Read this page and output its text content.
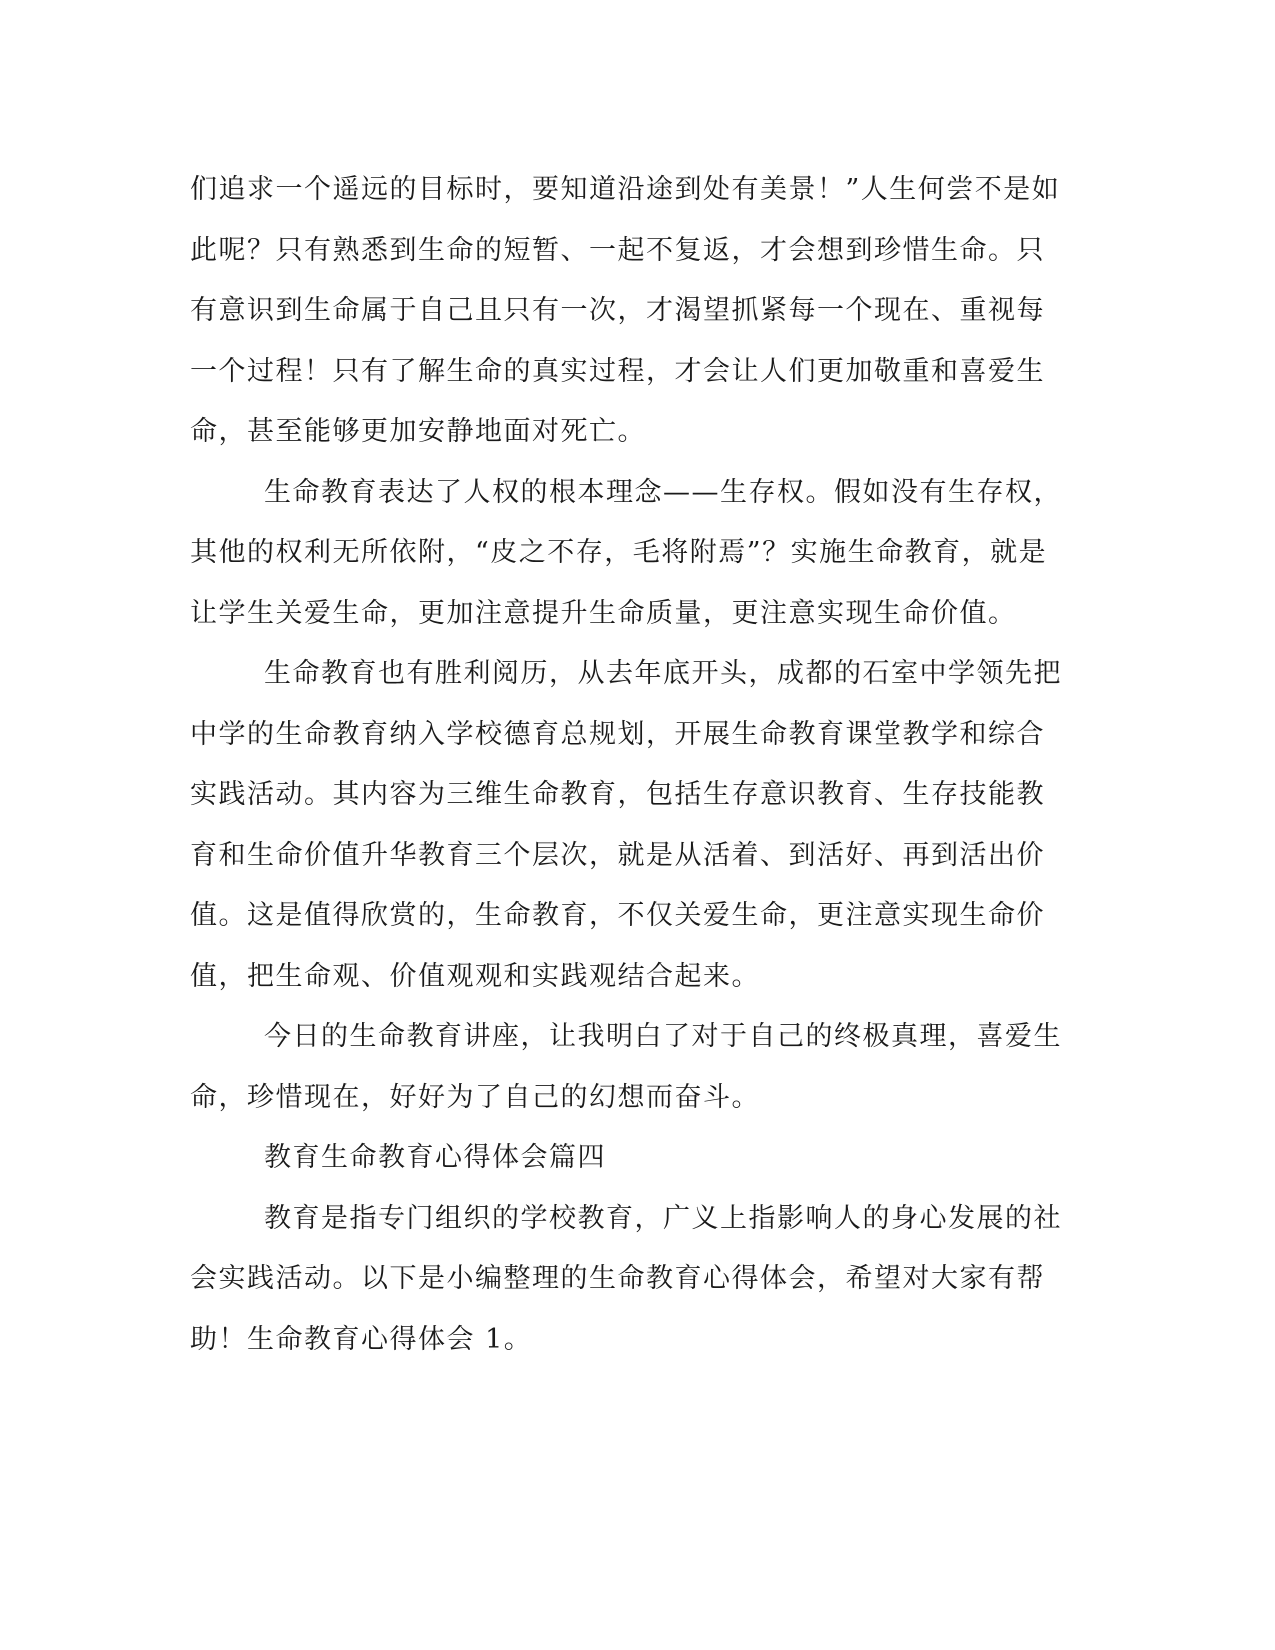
们追求一个遥远的目标时，要知道沿途到处有美景！”人生何尝不是如
此呢？只有熟悉到生命的短暂、一起不复返，才会想到珍惜生命。只
有意识到生命属于自己且只有一次，才渴望抓紧每一个现在、重视每
一个过程！只有了解生命的真实过程，才会让人们更加敬重和喜爱生
命，甚至能够更加安静地面对死亡。
生命教育表达了人权的根本理念——生存权。假如没有生存权，
其他的权利无所依附，“皮之不存，毛将附焉”？实施生命教育，就是
让学生关爱生命，更加注意提升生命质量，更注意实现生命价值。
生命教育也有胜利阅历，从去年底开头，成都的石室中学领先把
中学的生命教育纳入学校德育总规划，开展生命教育课堂教学和综合
实践活动。其内容为三维生命教育，包括生存意识教育、生存技能教
育和生命价值升华教育三个层次，就是从活着、到活好、再到活出价
值。这是值得欣赏的，生命教育，不仅关爱生命，更注意实现生命价
值，把生命观、价值观观和实践观结合起来。
今日的生命教育讲座，让我明白了对于自己的终极真理，喜爱生
命，珍惜现在，好好为了自己的幻想而奋斗。
教育生命教育心得体会篇四
教育是指专门组织的学校教育，广义上指影响人的身心发展的社
会实践活动。以下是小编整理的生命教育心得体会，希望对大家有帮
助！生命教育心得体会 1。
